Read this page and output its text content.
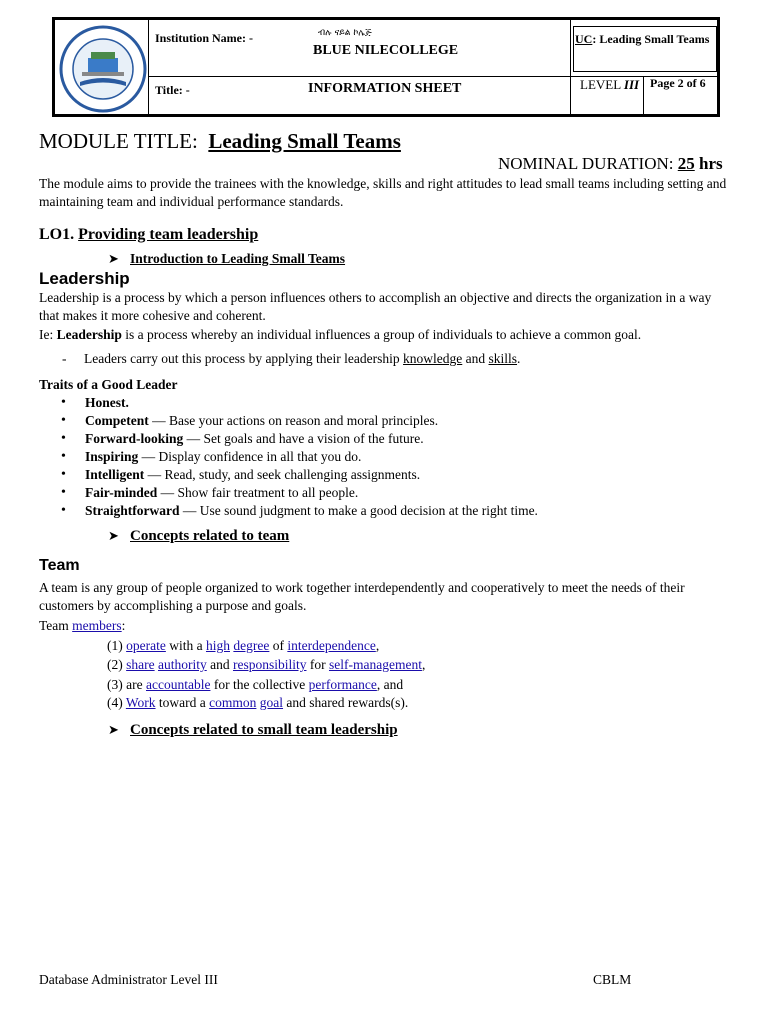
Institution Name: -	ብሉ ናይል ኮሌጅ
BLUE NILECOLLEGE
UC: Leading Small Teams
Title: -	INFORMATION SHEET	LEVEL III Page 2 of 6
MODULE TITLE: Leading Small Teams
NOMINAL DURATION: 25 hrs
The module aims to provide the trainees with the knowledge, skills and right attitudes to lead small teams including setting and maintaining team and individual performance standards.
LO1. Providing team leadership
➤ Introduction to Leading Small Teams
Leadership
Leadership is a process by which a person influences others to accomplish an objective and directs the organization in a way that makes it more cohesive and coherent.
Ie: Leadership is a process whereby an individual influences a group of individuals to achieve a common goal.
- Leaders carry out this process by applying their leadership knowledge and skills.
Traits of a Good Leader
• Honest.
• Competent — Base your actions on reason and moral principles.
• Forward-looking — Set goals and have a vision of the future.
• Inspiring — Display confidence in all that you do.
• Intelligent — Read, study, and seek challenging assignments.
• Fair-minded — Show fair treatment to all people.
• Straightforward — Use sound judgment to make a good decision at the right time.
➤ Concepts related to team
Team
A team is any group of people organized to work together interdependently and cooperatively to meet the needs of their customers by accomplishing a purpose and goals.
Team members:
(1) operate with a high degree of interdependence,
(2) share authority and responsibility for self-management,
(3) are accountable for the collective performance, and
(4) Work toward a common goal and shared rewards(s).
➤ Concepts related to small team leadership
Database Administrator Level III	CBLM
